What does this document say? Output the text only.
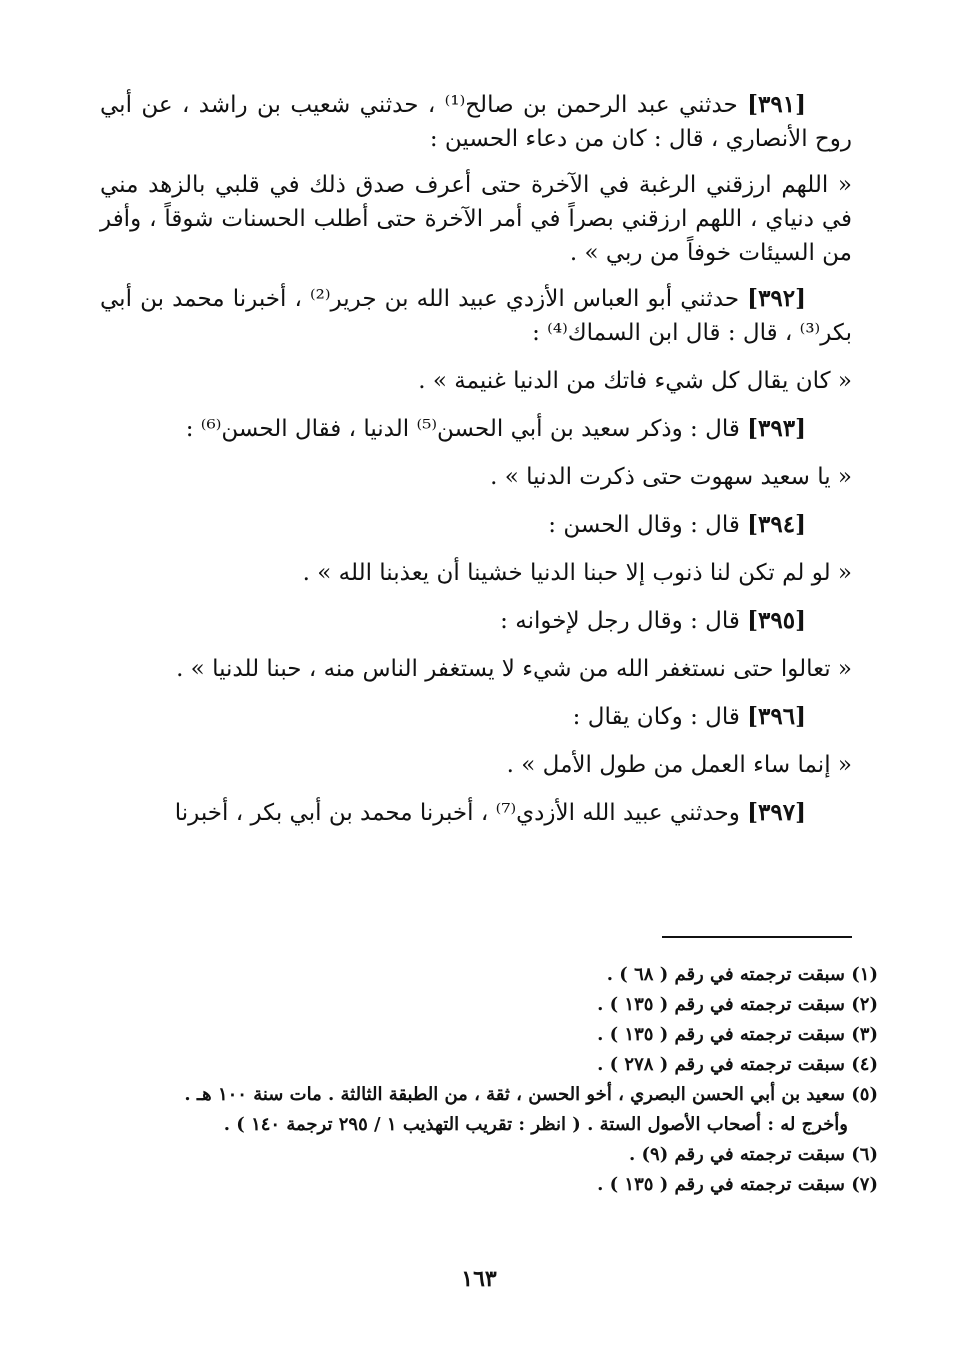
[٣٩١] حدثني عبد الرحمن بن صالح⁽¹⁾ ، حدثني شعيب بن راشد ، عن أبي روح الأنصاري ، قال : كان من دعاء الحسين :

« اللهم ارزقني الرغبة في الآخرة حتى أعرف صدق ذلك في قلبي بالزهد مني في دنياي ، اللهم ارزقني بصراً في أمر الآخرة حتى أطلب الحسنات شوقاً ، وأفر من السيئات خوفاً من ربي » .

[٣٩٢] حدثني أبو العباس الأزدي عبيد الله بن جرير⁽²⁾ ، أخبرنا محمد بن أبي بكر⁽³⁾ ، قال : قال ابن السماك⁽⁴⁾ :

« كان يقال كل شيء فاتك من الدنيا غنيمة » .

[٣٩٣] قال : وذكر سعيد بن أبي الحسن⁽⁵⁾ الدنيا ، فقال الحسن⁽⁶⁾ :

« يا سعيد سهوت حتى ذكرت الدنيا » .

[٣٩٤] قال : وقال الحسن :

« لو لم تكن لنا ذنوب إلا حبنا الدنيا خشينا أن يعذبنا الله » .

[٣٩٥] قال : وقال رجل لإخوانه :

« تعالوا حتى نستغفر الله من شيء لا يستغفر الناس منه ، حبنا للدنيا » .

[٣٩٦] قال : وكان يقال :

« إنما ساء العمل من طول الأمل » .

[٣٩٧] وحدثني عبيد الله الأزدي⁽⁷⁾ ، أخبرنا محمد بن أبي بكر ، أخبرنا

(١) سبقت ترجمته في رقم ( ٦٨ ) .

(٢) سبقت ترجمته في رقم ( ١٣٥ ) .

(٣) سبقت ترجمته في رقم ( ١٣٥ ) .

(٤) سبقت ترجمته في رقم ( ٢٧٨ ) .

(٥) سعيد بن أبي الحسن البصري ، أخو الحسن ، ثقة ، من الطبقة الثالثة . مات سنة ١٠٠ هـ .

وأخرج له : أصحاب الأصول الستة . ( انظر : تقريب التهذيب ١ / ٢٩٥ ترجمة ١٤٠ ) .

(٦) سبقت ترجمته في رقم (٩) .

(٧) سبقت ترجمته في رقم ( ١٣٥ ) .

١٦٣
